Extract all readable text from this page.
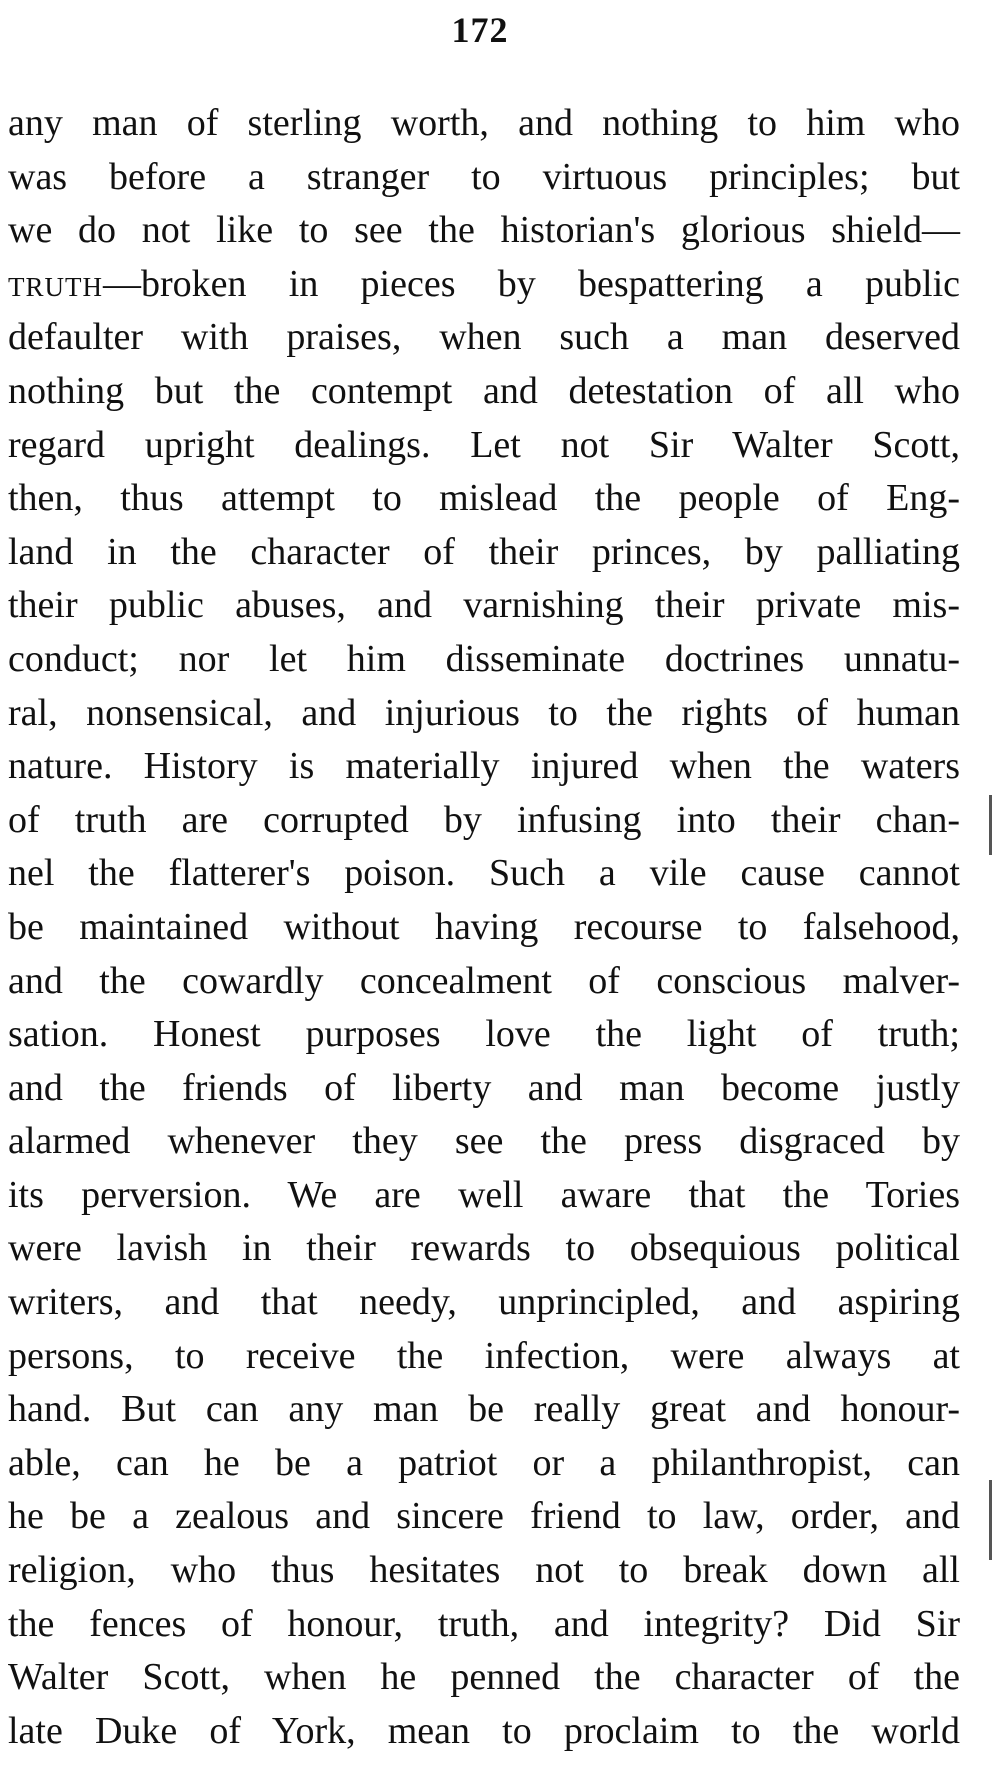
172
any man of sterling worth, and nothing to him who
was before a stranger to virtuous principles; but
we do not like to see the historian's glorious shield—
truth—broken in pieces by bespattering a public
defaulter with praises, when such a man deserved
nothing but the contempt and detestation of all who
regard upright dealings. Let not Sir Walter Scott,
then, thus attempt to mislead the people of Eng-
land in the character of their princes, by palliating
their public abuses, and varnishing their private mis-
conduct; nor let him disseminate doctrines unnatu-
ral, nonsensical, and injurious to the rights of human
nature. History is materially injured when the waters
of truth are corrupted by infusing into their chan-
nel the flatterer's poison. Such a vile cause cannot
be maintained without having recourse to falsehood,
and the cowardly concealment of conscious malver-
sation. Honest purposes love the light of truth;
and the friends of liberty and man become justly
alarmed whenever they see the press disgraced by
its perversion. We are well aware that the Tories
were lavish in their rewards to obsequious political
writers, and that needy, unprincipled, and aspiring
persons, to receive the infection, were always at
hand. But can any man be really great and honour-
able, can he be a patriot or a philanthropist, can
he be a zealous and sincere friend to law, order, and
religion, who thus hesitates not to break down all
the fences of honour, truth, and integrity? Did Sir
Walter Scott, when he penned the character of the
late Duke of York, mean to proclaim to the world
